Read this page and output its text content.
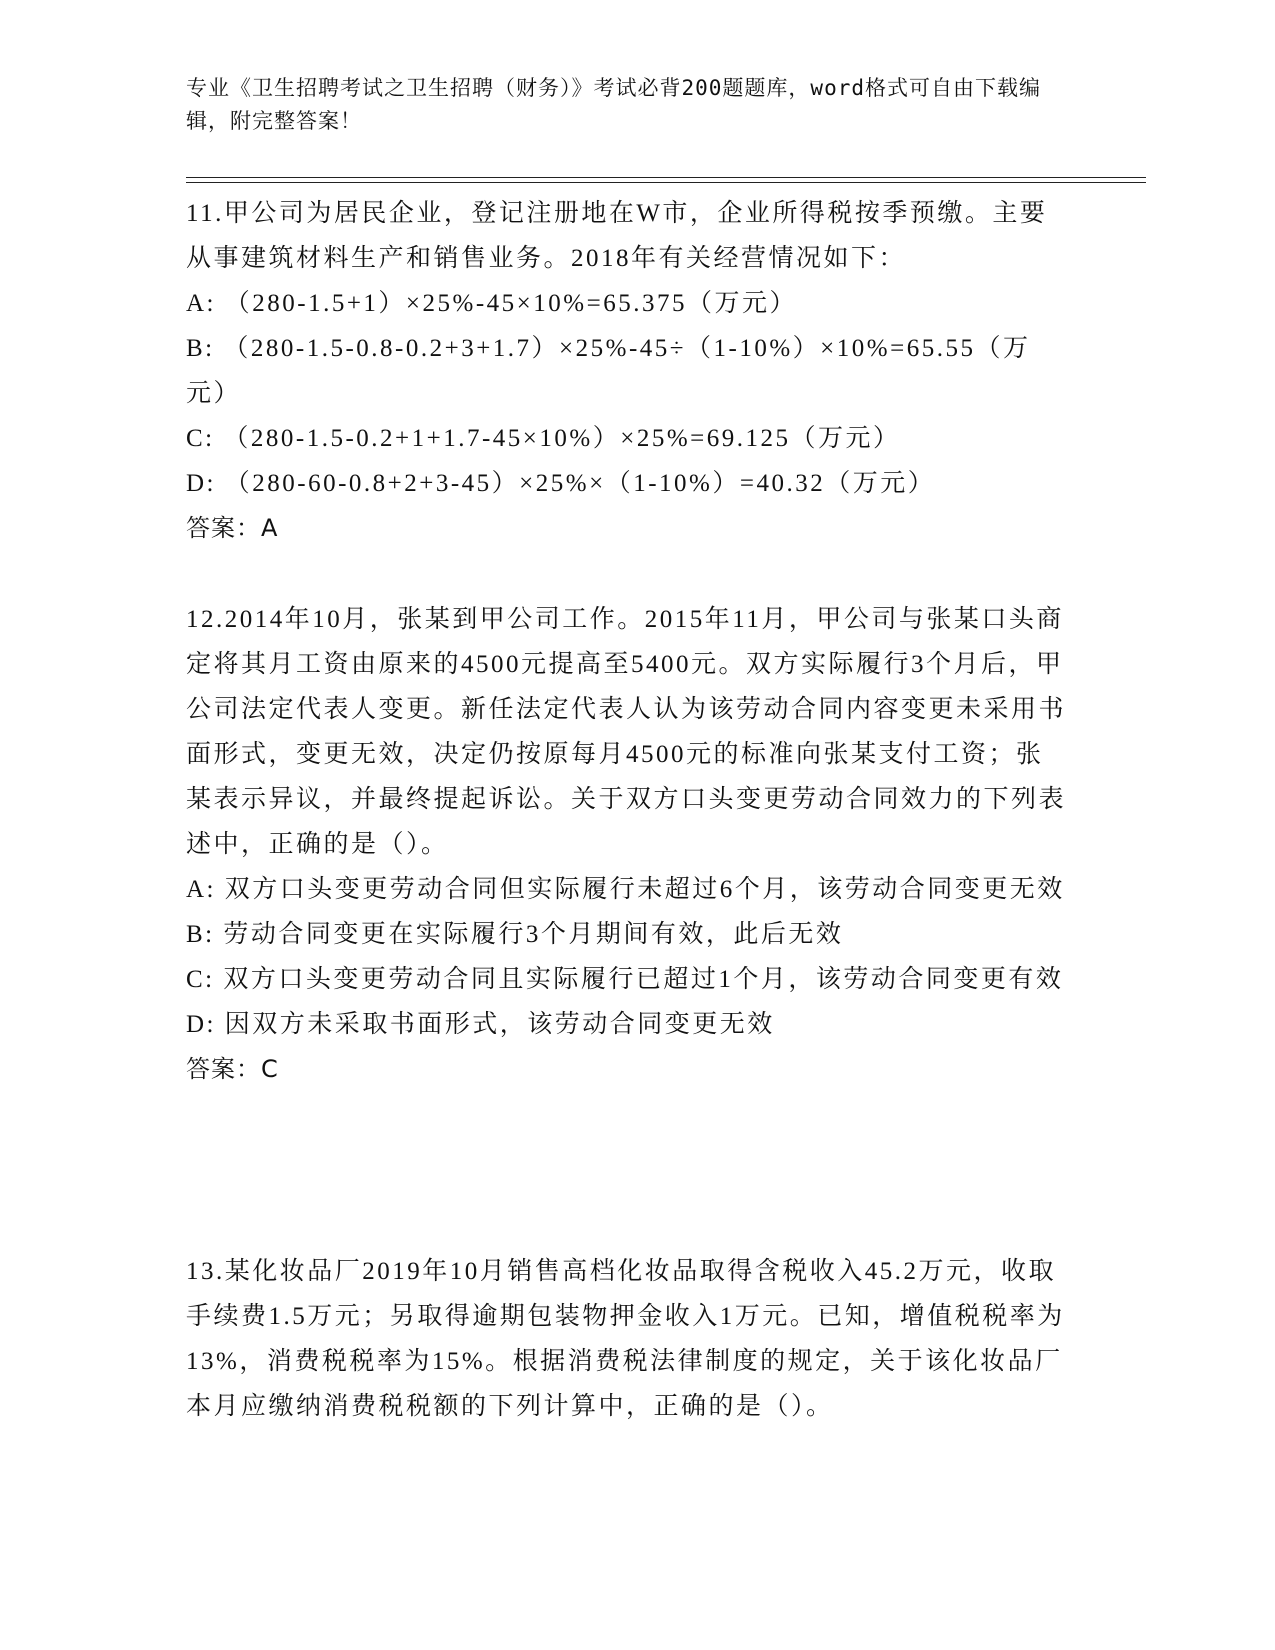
专业《卫生招聘考试之卫生招聘（财务）》考试必背200题题库，word格式可自由下载编辑，附完整答案！

11.甲公司为居民企业，登记注册地在W市，企业所得税按季预缴。主要从事建筑材料生产和销售业务。2018年有关经营情况如下：

A: （280-1.5+1）×25%-45×10%=65.375（万元）

B: （280-1.5-0.8-0.2+3+1.7）×25%-45÷（1-10%）×10%=65.55（万元）

C: （280-1.5-0.2+1+1.7-45×10%）×25%=69.125（万元）

D: （280-60-0.8+2+3-45）×25%×（1-10%）=40.32（万元）

答案：A

12.2014年10月，张某到甲公司工作。2015年11月，甲公司与张某口头商定将其月工资由原来的4500元提高至5400元。双方实际履行3个月后，甲公司法定代表人变更。新任法定代表人认为该劳动合同内容变更未采用书面形式，变更无效，决定仍按原每月4500元的标准向张某支付工资；张某表示异议，并最终提起诉讼。关于双方口头变更劳动合同效力的下列表述中，正确的是（）。

A: 双方口头变更劳动合同但实际履行未超过6个月，该劳动合同变更无效

B: 劳动合同变更在实际履行3个月期间有效，此后无效

C: 双方口头变更劳动合同且实际履行已超过1个月，该劳动合同变更有效

D: 因双方未采取书面形式，该劳动合同变更无效

答案：C

13.某化妆品厂2019年10月销售高档化妆品取得含税收入45.2万元，收取手续费1.5万元；另取得逾期包装物押金收入1万元。已知，增值税税率为13%，消费税税率为15%。根据消费税法律制度的规定，关于该化妆品厂本月应缴纳消费税税额的下列计算中，正确的是（）。
